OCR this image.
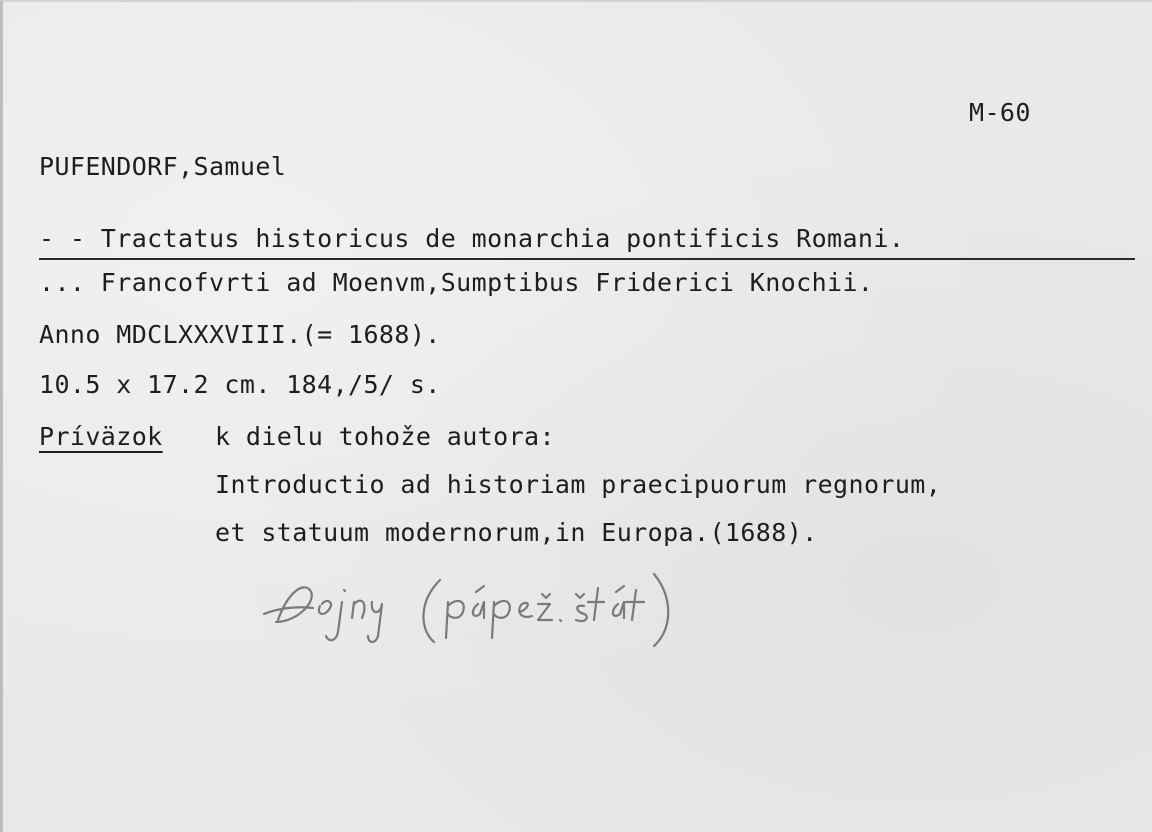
M-60
PUFENDORF,Samuel
- - Tractatus historicus de monarchia pontificis Romani.
... Francofvrti ad Moenvm,Sumptibus Friderici Knochii.
Anno MDCLXXXVIII.(= 1688).
10.5 x 17.2 cm. 184,/5/ s.
Prívӓzok k dielu tohože autora:
Introductio ad historiam praecipuorum regnorum,
et statuum modernorum,in Europa.(1688).
